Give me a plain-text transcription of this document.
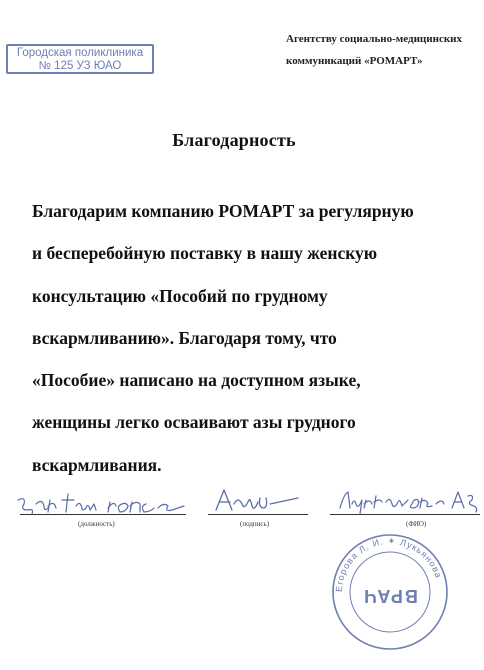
Городская поликлиника
№ 125 УЗ ЮАО
Агентству социально-медицинских
коммуникаций «РОМАРТ»
Благодарность
Благодарим компанию РОМАРТ за регулярную
и бесперебойную поставку в нашу женскую
консультацию «Пособий по грудному
вскармливанию». Благодаря тому, что
«Пособие» написано на доступном языке,
женщины легко осваивают азы грудного
вскармливания.
(должность)	(подпись)	(ФИО)
Егорова Л. И. ✶ Лукьянова
ВРАЧ
